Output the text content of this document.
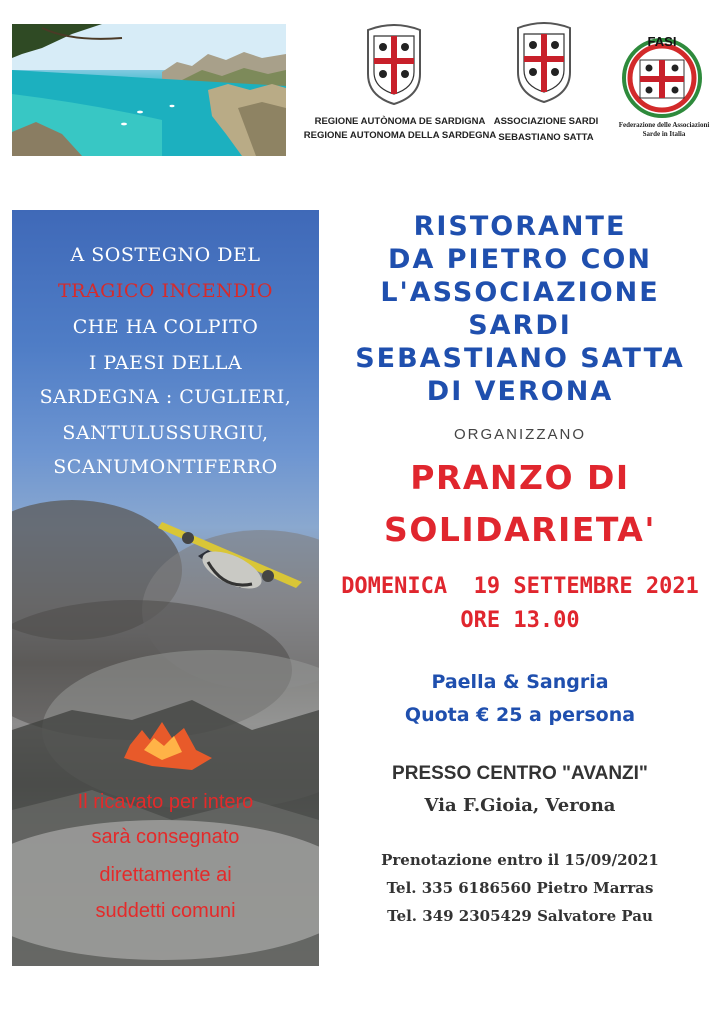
REGIONE AUTÒNOMA DE SARDIGNA
REGIONE AUTONOMA DELLA SARDEGNA
ASSOCIAZIONE SARDI
SEBASTIANO SATTA
FASI
Federazione delle Associazioni
Sarde in Italia
A SOSTEGNO DEL
TRAGICO INCENDIO
CHE HA COLPITO
I PAESI DELLA
SARDEGNA : CUGLIERI,
SANTULUSSURGIU,
SCANUMONTIFERRO
Il ricavato per intero
sarà consegnato
direttamente ai
suddetti comuni
RISTORANTE
DA PIETRO CON
L'ASSOCIAZIONE
SARDI
SEBASTIANO SATTA
DI VERONA
ORGANIZZANO
PRANZO DI
SOLIDARIETA'
DOMENICA  19 SETTEMBRE 2021
ORE 13.00
Paella & Sangria
Quota € 25 a persona
PRESSO CENTRO "AVANZI"
Via F.Gioia, Verona
Prenotazione entro il 15/09/2021
Tel. 335 6186560 Pietro Marras
Tel. 349 2305429 Salvatore Pau
